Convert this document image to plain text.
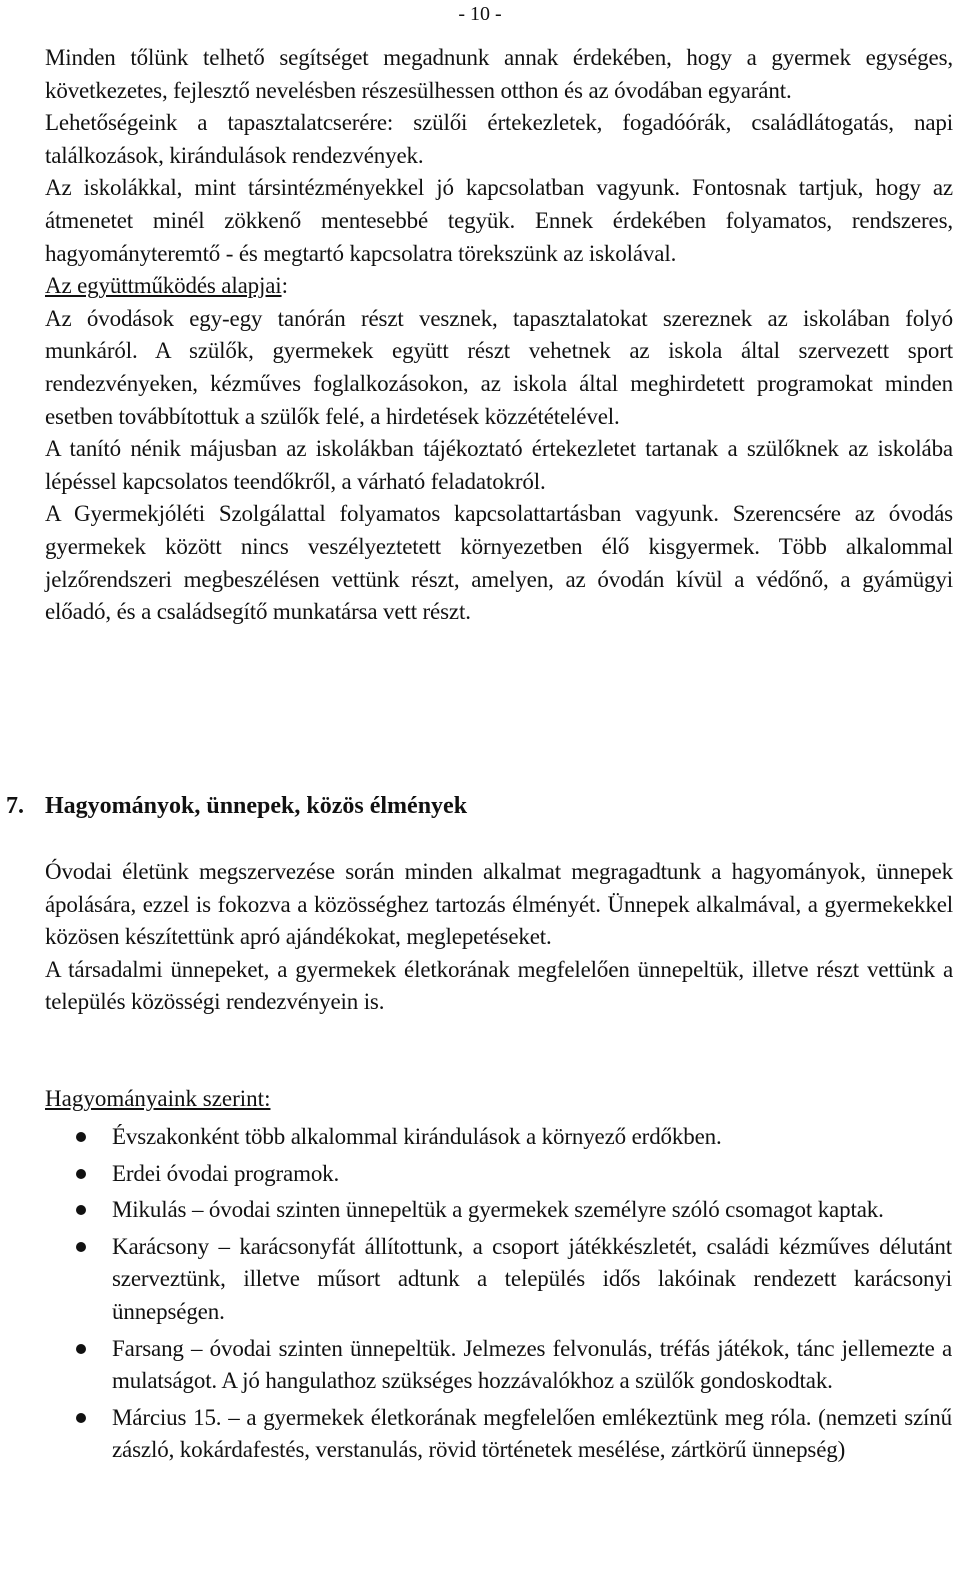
- 10 -

Minden tőlünk telhető segítséget megadnunk annak érdekében, hogy a gyermek egységes, következetes, fejlesztő nevelésben részesülhessen otthon és az óvodában egyaránt.

Lehetőségeink a tapasztalatcserére: szülői értekezletek, fogadóórák, családlátogatás, napi találkozások, kirándulások rendezvények.

Az iskolákkal, mint társintézményekkel jó kapcsolatban vagyunk. Fontosnak tartjuk, hogy az átmenetet minél zökkenő mentesebbé tegyük. Ennek érdekében folyamatos, rendszeres, hagyományteremtő - és megtartó kapcsolatra törekszünk az iskolával.

Az együttműködés alapjai:

Az óvodások egy-egy tanórán részt vesznek, tapasztalatokat szereznek az iskolában folyó munkáról. A szülők, gyermekek együtt részt vehetnek az iskola által szervezett sport rendezvényeken, kézműves foglalkozásokon, az iskola által meghirdetett programokat minden esetben továbbítottuk a szülők felé, a hirdetések közzétételével.

A tanító nénik májusban az iskolákban tájékoztató értekezletet tartanak a szülőknek az iskolába lépéssel kapcsolatos teendőkről, a várható feladatokról.

A Gyermekjóléti Szolgálattal folyamatos kapcsolattartásban vagyunk. Szerencsére az óvodás gyermekek között nincs veszélyeztetett környezetben élő kisgyermek. Több alkalommal jelzőrendszeri megbeszélésen vettünk részt, amelyen, az óvodán kívül a védőnő, a gyámügyi előadó, és a családsegítő munkatársa vett részt.

7. Hagyományok, ünnepek, közös élmények

Óvodai életünk megszervezése során minden alkalmat megragadtunk a hagyományok, ünnepek ápolására, ezzel is fokozva a közösséghez tartozás élményét. Ünnepek alkalmával, a gyermekekkel közösen készítettünk apró ajándékokat, meglepetéseket.

A társadalmi ünnepeket, a gyermekek életkorának megfelelően ünnepeltük, illetve részt vettünk a település közösségi rendezvényein is.

Hagyományaink szerint:
Évszakonként több alkalommal kirándulások a környező erdőkben.
Erdei óvodai programok.
Mikulás – óvodai szinten ünnepeltük a gyermekek személyre szóló csomagot kaptak.
Karácsony – karácsonyfát állítottunk, a csoport játékkészletét, családi kézműves délutánt szerveztünk, illetve műsort adtunk a település idős lakóinak rendezett karácsonyi ünnepségen.
Farsang – óvodai szinten ünnepeltük. Jelmezes felvonulás, tréfás játékok, tánc jellemezte a mulatságot. A jó hangulathoz szükséges hozzávalókhoz a szülők gondoskodtak.
Március 15. – a gyermekek életkorának megfelelően emlékeztünk meg róla. (nemzeti színű zászló, kokárdafestés, verstanulás, rövid történetek mesélése, zártkörű ünnepség)
